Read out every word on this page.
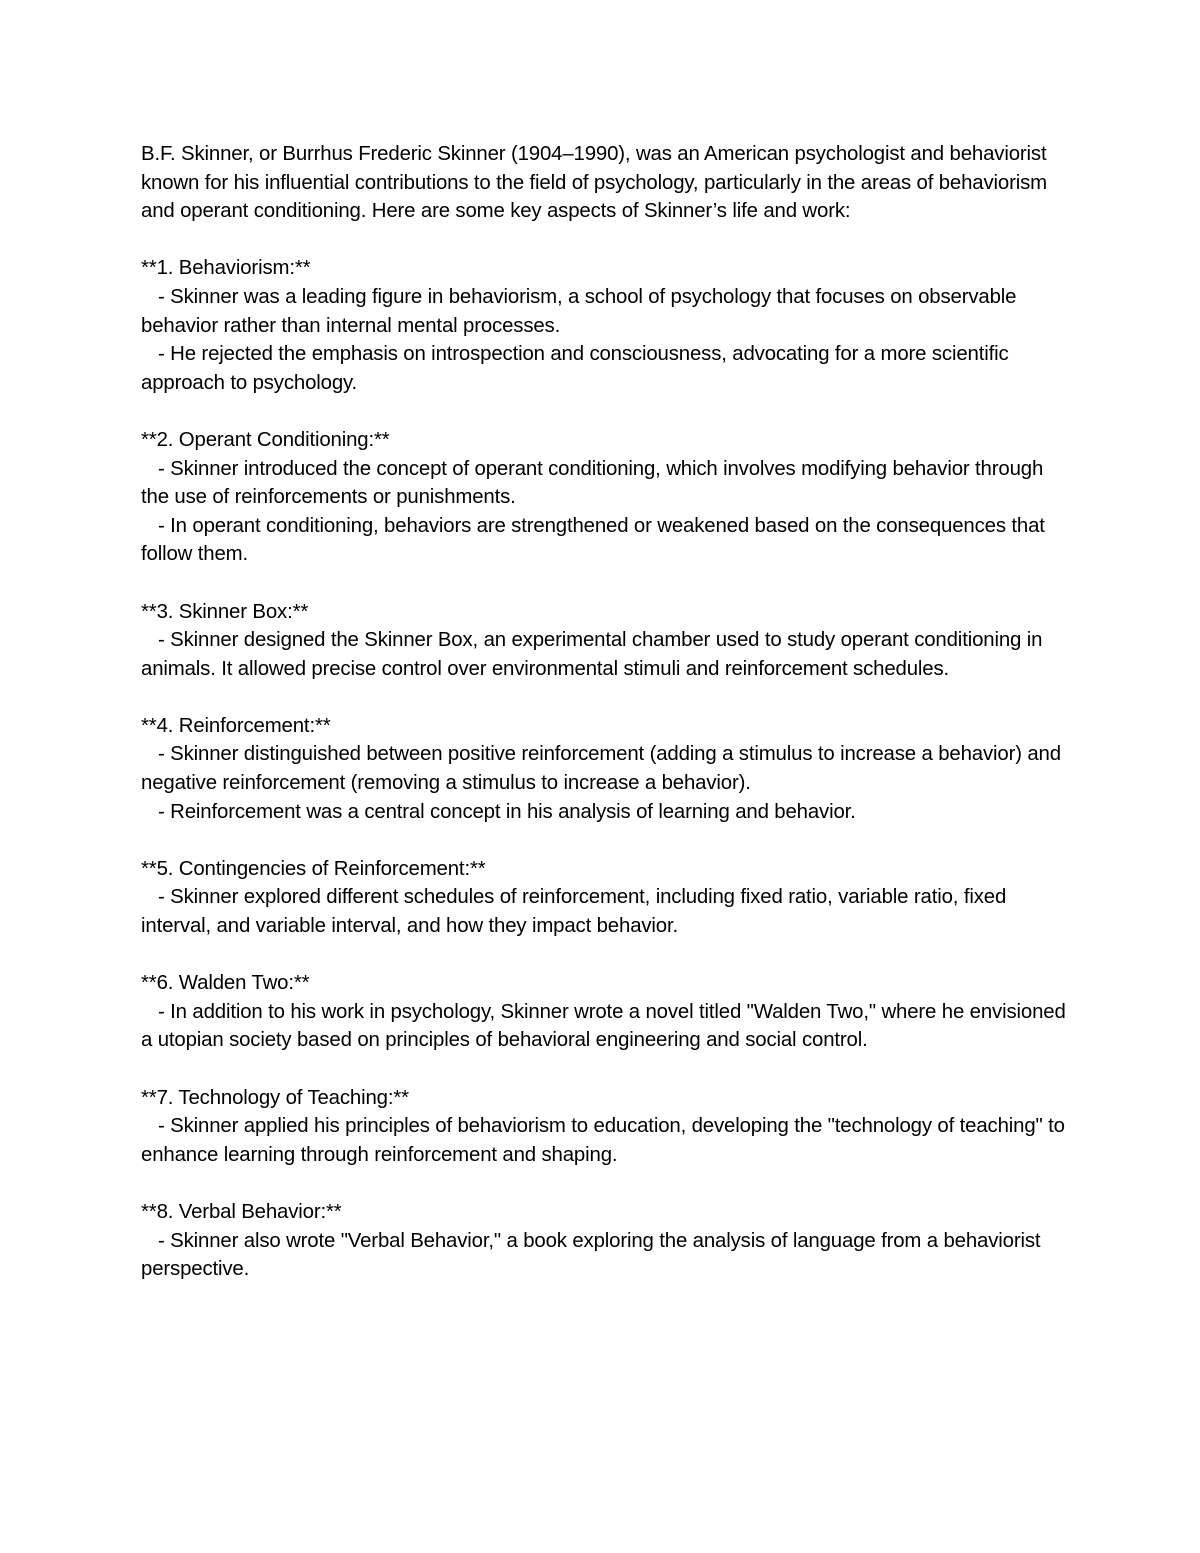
B.F. Skinner, or Burrhus Frederic Skinner (1904–1990), was an American psychologist and behaviorist known for his influential contributions to the field of psychology, particularly in the areas of behaviorism and operant conditioning. Here are some key aspects of Skinner’s life and work:

**1. Behaviorism:**

- Skinner was a leading figure in behaviorism, a school of psychology that focuses on observable behavior rather than internal mental processes.

- He rejected the emphasis on introspection and consciousness, advocating for a more scientific approach to psychology.

**2. Operant Conditioning:**

- Skinner introduced the concept of operant conditioning, which involves modifying behavior through the use of reinforcements or punishments.

- In operant conditioning, behaviors are strengthened or weakened based on the consequences that follow them.

**3. Skinner Box:**

- Skinner designed the Skinner Box, an experimental chamber used to study operant conditioning in animals. It allowed precise control over environmental stimuli and reinforcement schedules.

**4. Reinforcement:**

- Skinner distinguished between positive reinforcement (adding a stimulus to increase a behavior) and negative reinforcement (removing a stimulus to increase a behavior).

- Reinforcement was a central concept in his analysis of learning and behavior.

**5. Contingencies of Reinforcement:**

- Skinner explored different schedules of reinforcement, including fixed ratio, variable ratio, fixed interval, and variable interval, and how they impact behavior.

**6. Walden Two:**

- In addition to his work in psychology, Skinner wrote a novel titled "Walden Two," where he envisioned a utopian society based on principles of behavioral engineering and social control.

**7. Technology of Teaching:**

- Skinner applied his principles of behaviorism to education, developing the "technology of teaching" to enhance learning through reinforcement and shaping.

**8. Verbal Behavior:**

- Skinner also wrote "Verbal Behavior," a book exploring the analysis of language from a behaviorist perspective.
